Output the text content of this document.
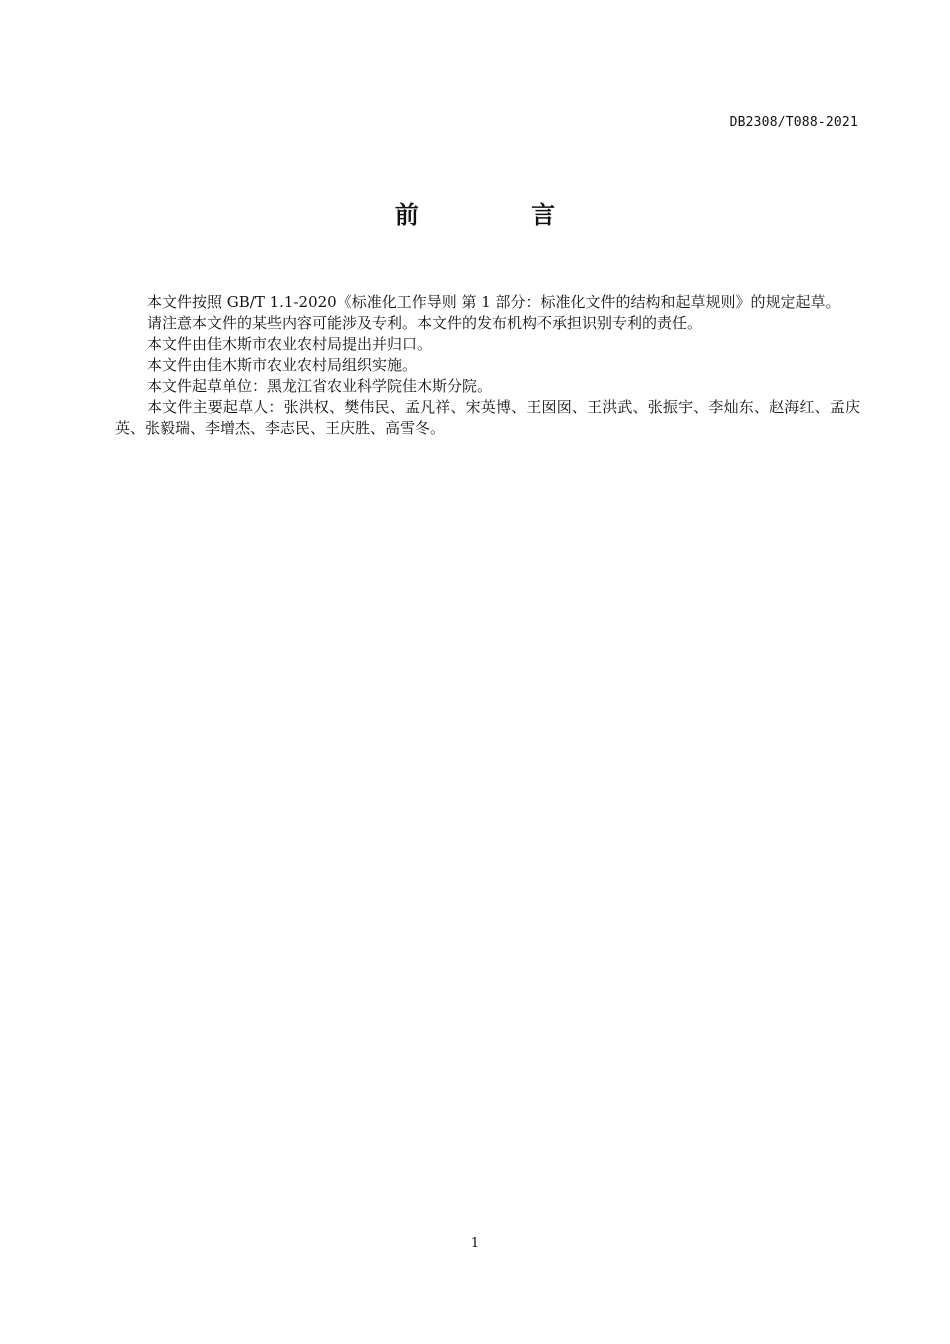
DB2308/T088-2021
前 言

本文件按照 GB/T 1.1-2020《标准化工作导则 第 1 部分：标准化文件的结构和起草规则》的规定起草。

请注意本文件的某些内容可能涉及专利。本文件的发布机构不承担识别专利的责任。

本文件由佳木斯市农业农村局提出并归口。

本文件由佳木斯市农业农村局组织实施。

本文件起草单位：黑龙江省农业科学院佳木斯分院。

本文件主要起草人：张洪权、樊伟民、孟凡祥、宋英博、王囡囡、王洪武、张振宇、李灿东、赵海红、孟庆英、张毅瑞、李增杰、李志民、王庆胜、高雪冬。

1
